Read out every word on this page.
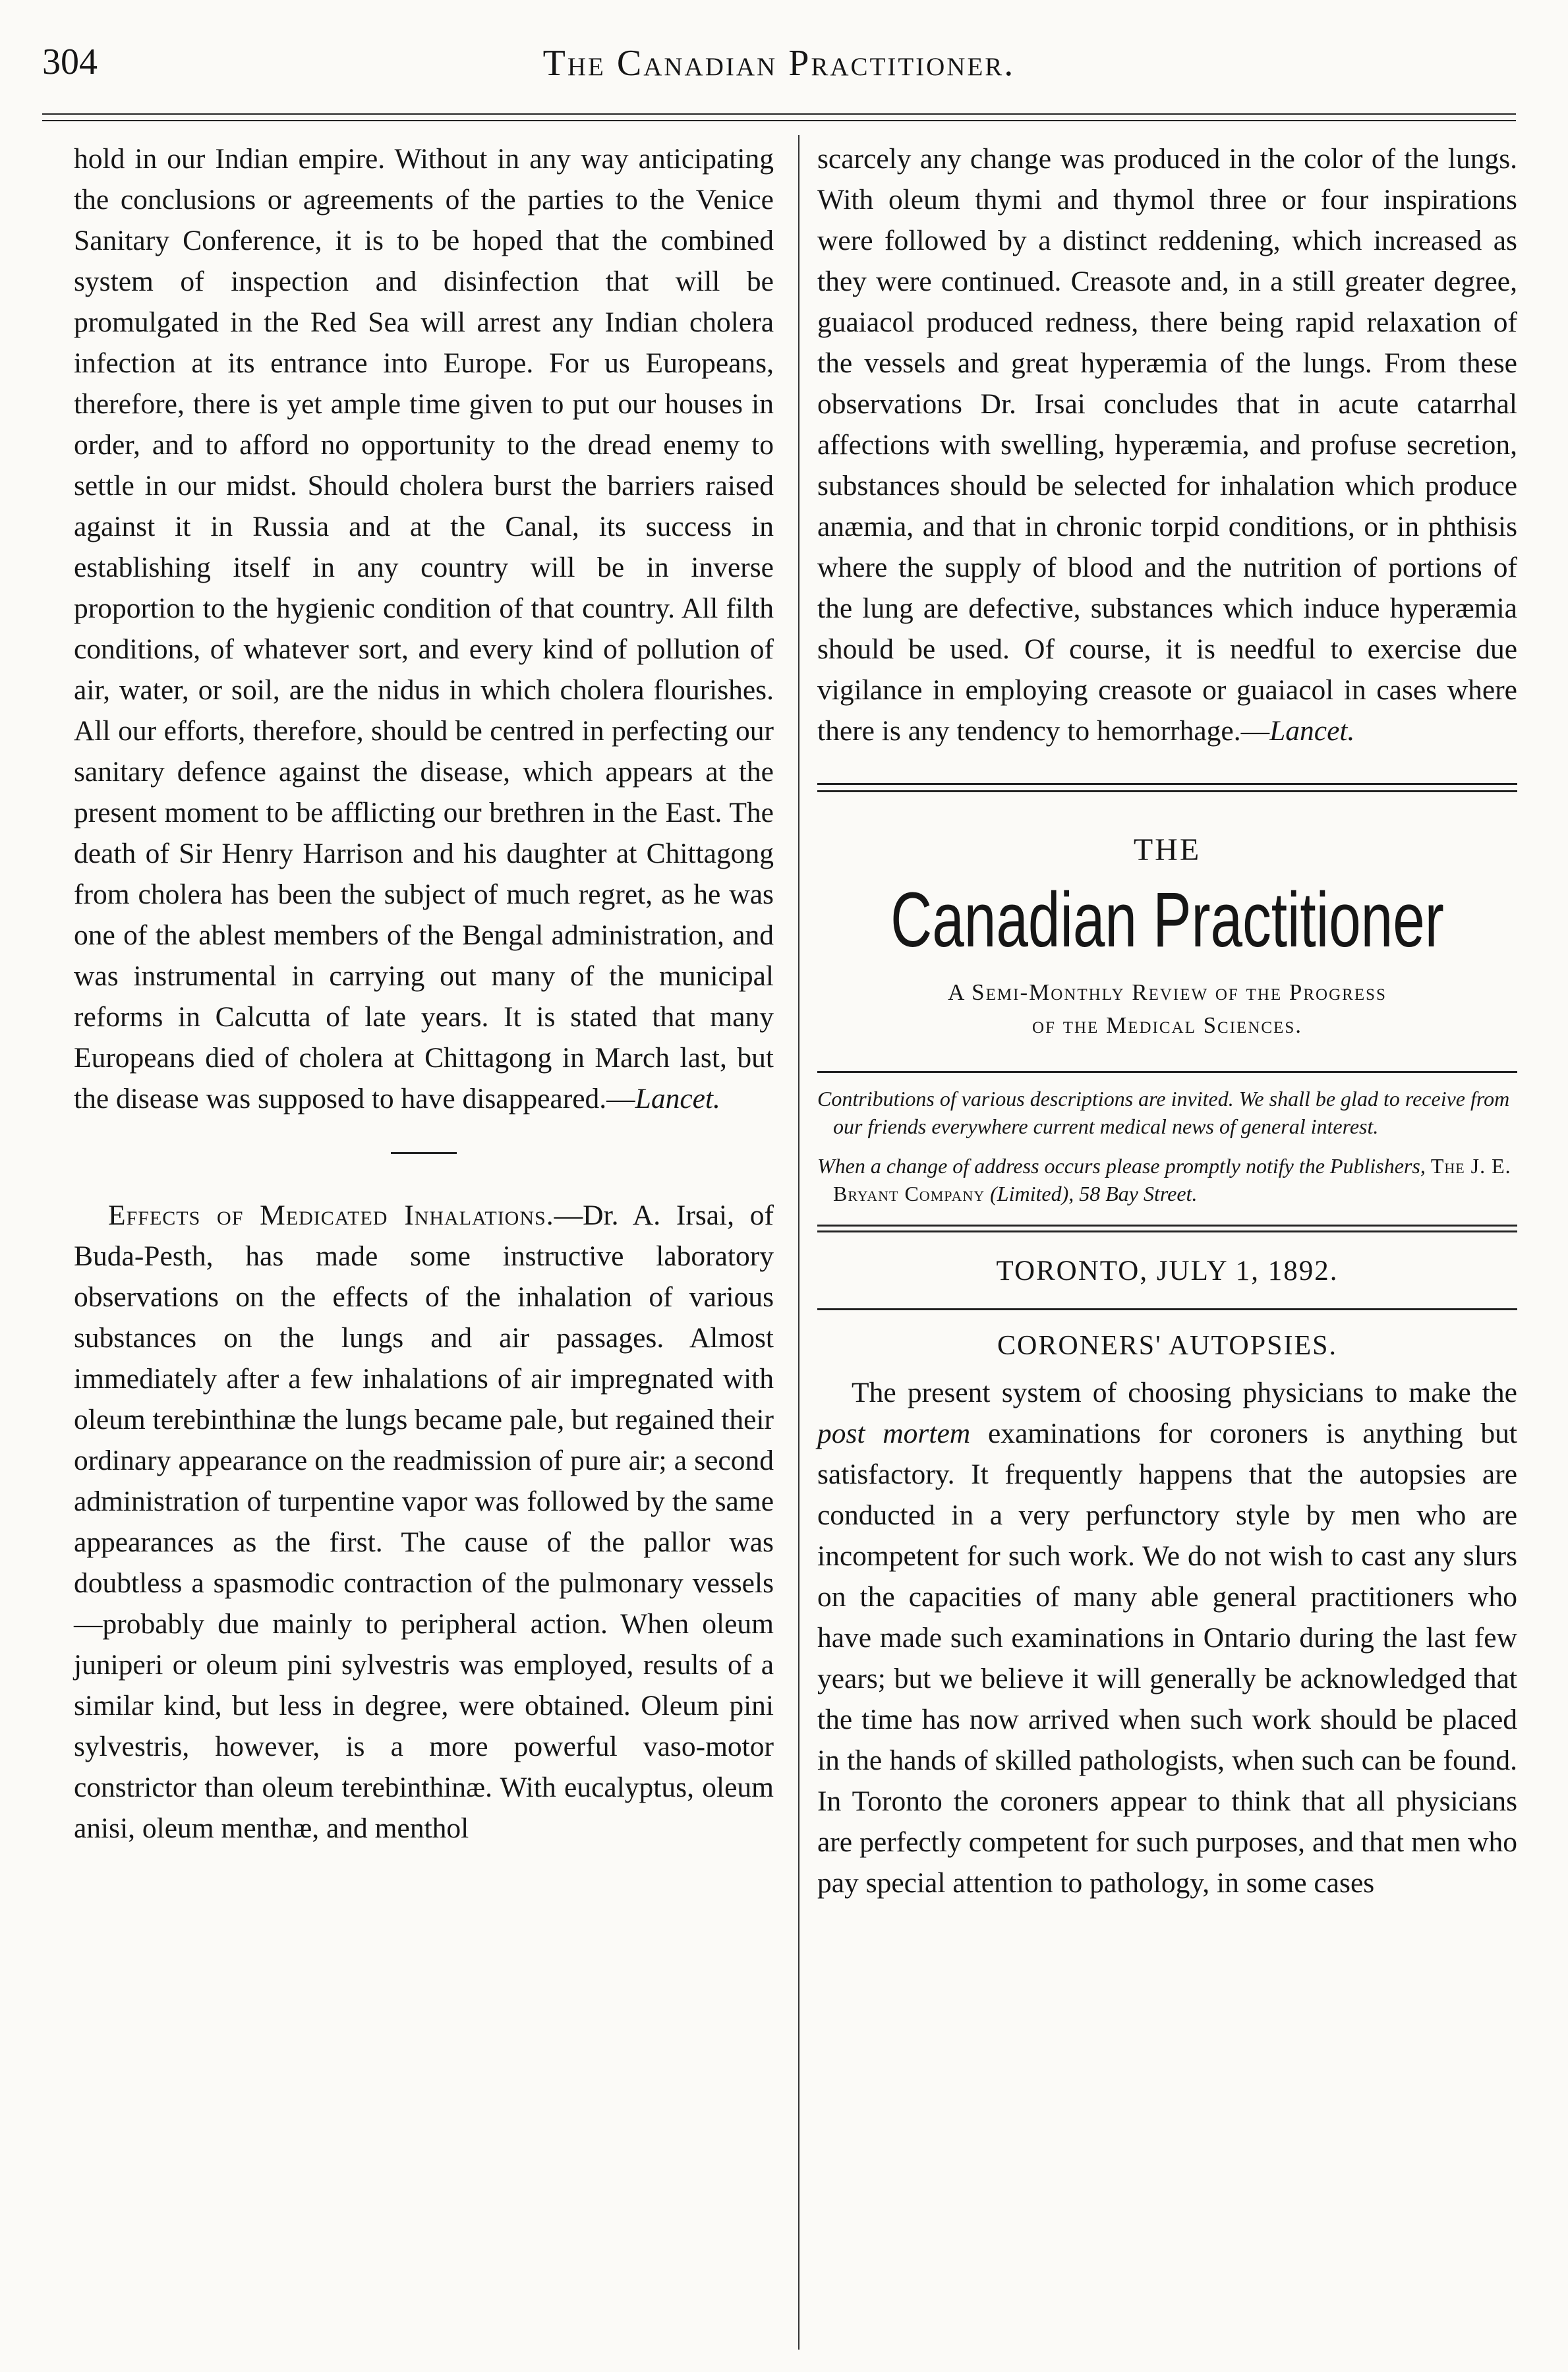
304	The Canadian Practitioner.

hold in our Indian empire. Without in any way anticipating the conclusions or agreements of the parties to the Venice Sanitary Conference, it is to be hoped that the combined system of inspection and disinfection that will be promulgated in the Red Sea will arrest any Indian cholera infection at its entrance into Europe. For us Europeans, therefore, there is yet ample time given to put our houses in order, and to afford no opportunity to the dread enemy to settle in our midst. Should cholera burst the barriers raised against it in Russia and at the Canal, its success in establishing itself in any country will be in inverse proportion to the hygienic condition of that country. All filth conditions, of whatever sort, and every kind of pollution of air, water, or soil, are the nidus in which cholera flourishes. All our efforts, therefore, should be centred in perfecting our sanitary defence against the disease, which appears at the present moment to be afflicting our brethren in the East. The death of Sir Henry Harrison and his daughter at Chittagong from cholera has been the subject of much regret, as he was one of the ablest members of the Bengal administration, and was instrumental in carrying out many of the municipal reforms in Calcutta of late years. It is stated that many Europeans died of cholera at Chittagong in March last, but the disease was supposed to have disappeared.—Lancet.

Effects of Medicated Inhalations.—Dr. A. Irsai, of Buda-Pesth, has made some instructive laboratory observations on the effects of the inhalation of various substances on the lungs and air passages. Almost immediately after a few inhalations of air impregnated with oleum terebinthinæ the lungs became pale, but regained their ordinary appearance on the readmission of pure air; a second administration of turpentine vapor was followed by the same appearances as the first. The cause of the pallor was doubtless a spasmodic contraction of the pulmonary vessels —probably due mainly to peripheral action. When oleum juniperi or oleum pini sylvestris was employed, results of a similar kind, but less in degree, were obtained. Oleum pini sylvestris, however, is a more powerful vaso-motor constrictor than oleum terebinthinæ. With eucalyptus, oleum anisi, oleum menthæ, and menthol

scarcely any change was produced in the color of the lungs. With oleum thymi and thymol three or four inspirations were followed by a distinct reddening, which increased as they were continued. Creasote and, in a still greater degree, guaiacol produced redness, there being rapid relaxation of the vessels and great hyperæmia of the lungs. From these observations Dr. Irsai concludes that in acute catarrhal affections with swelling, hyperæmia, and profuse secretion, substances should be selected for inhalation which produce anæmia, and that in chronic torpid conditions, or in phthisis where the supply of blood and the nutrition of portions of the lung are defective, substances which induce hyperæmia should be used. Of course, it is needful to exercise due vigilance in employing creasote or guaiacol in cases where there is any tendency to hemorrhage.—Lancet.

THE
Canadian Practitioner
A Semi-Monthly Review of the Progress
of the Medical Sciences.

Contributions of various descriptions are invited. We shall be glad to receive from our friends everywhere current medical news of general interest.

When a change of address occurs please promptly notify the Publishers, The J. E. Bryant Company (Limited), 58 Bay Street.

TORONTO, JULY 1, 1892.
CORONERS' AUTOPSIES.

The present system of choosing physicians to make the post mortem examinations for coroners is anything but satisfactory. It frequently happens that the autopsies are conducted in a very perfunctory style by men who are incompetent for such work. We do not wish to cast any slurs on the capacities of many able general practitioners who have made such examinations in Ontario during the last few years; but we believe it will generally be acknowledged that the time has now arrived when such work should be placed in the hands of skilled pathologists, when such can be found. In Toronto the coroners appear to think that all physicians are perfectly competent for such purposes, and that men who pay special attention to pathology, in some cases
